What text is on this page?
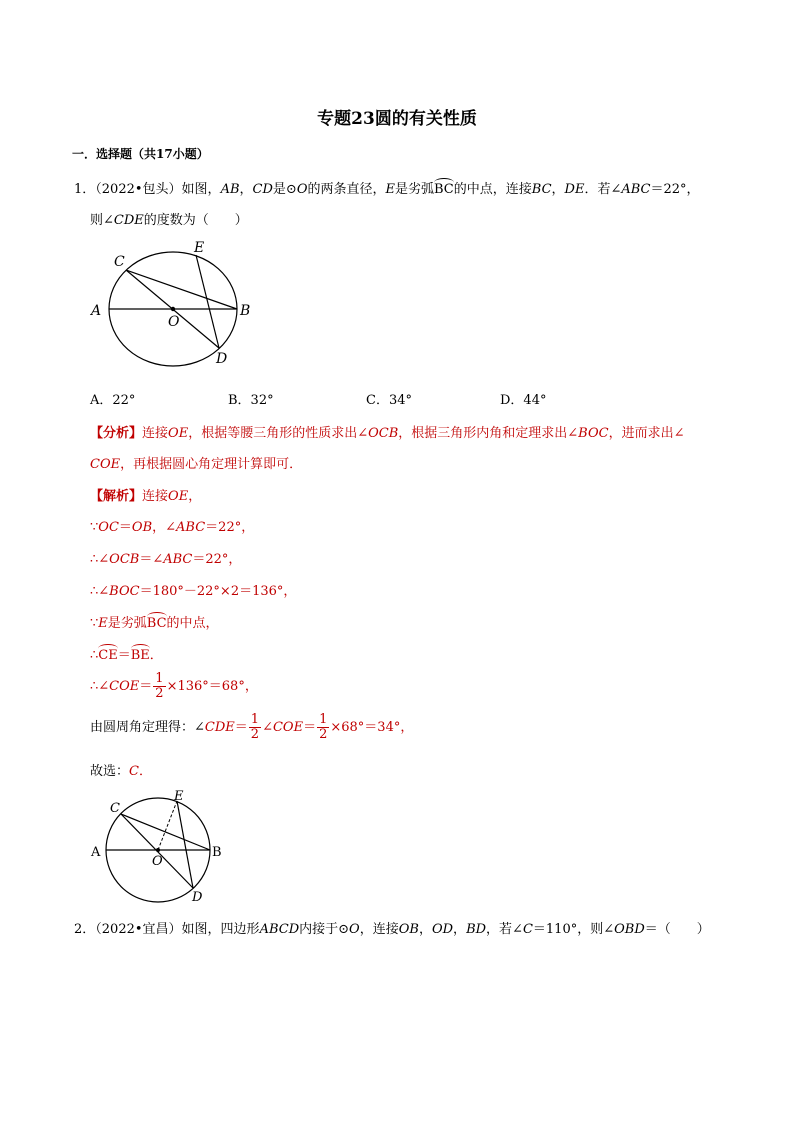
专题23圆的有关性质
一．选择题（共17小题）
1．（2022•包头）如图，AB，CD是⊙O的两条直径，E是劣弧BC的中点，连接BC，DE．若∠ABC＝22°，
则∠CDE的度数为（　　）
A	B
C
D
E
O
A．22°	B．32°	C．34°	D．44°
【分析】连接OE，根据等腰三角形的性质求出∠OCB，根据三角形内角和定理求出∠BOC，进而求出∠
COE，再根据圆心角定理计算即可．
【解析】连接OE，
∵OC＝OB，∠ABC＝22°，
∴∠OCB＝∠ABC＝22°，
∴∠BOC＝180°－22°×2＝136°，
∵E是劣弧BC的中点，
∴CE＝BE．
∴∠COE＝ $\frac{1}{2} \times 136^\circ=68^\circ$，
由圆周角定理得：∠CDE＝ $\frac{1}{2}$ ∠COE＝ $\frac{1}{2} \times 68^\circ=34^\circ$，
故选：C．
A	B
C
D
E
O
2．（2022•宜昌）如图，四边形ABCD内接于⊙O，连接OB，OD，BD，若∠C＝110°，则∠OBD＝（　　）
